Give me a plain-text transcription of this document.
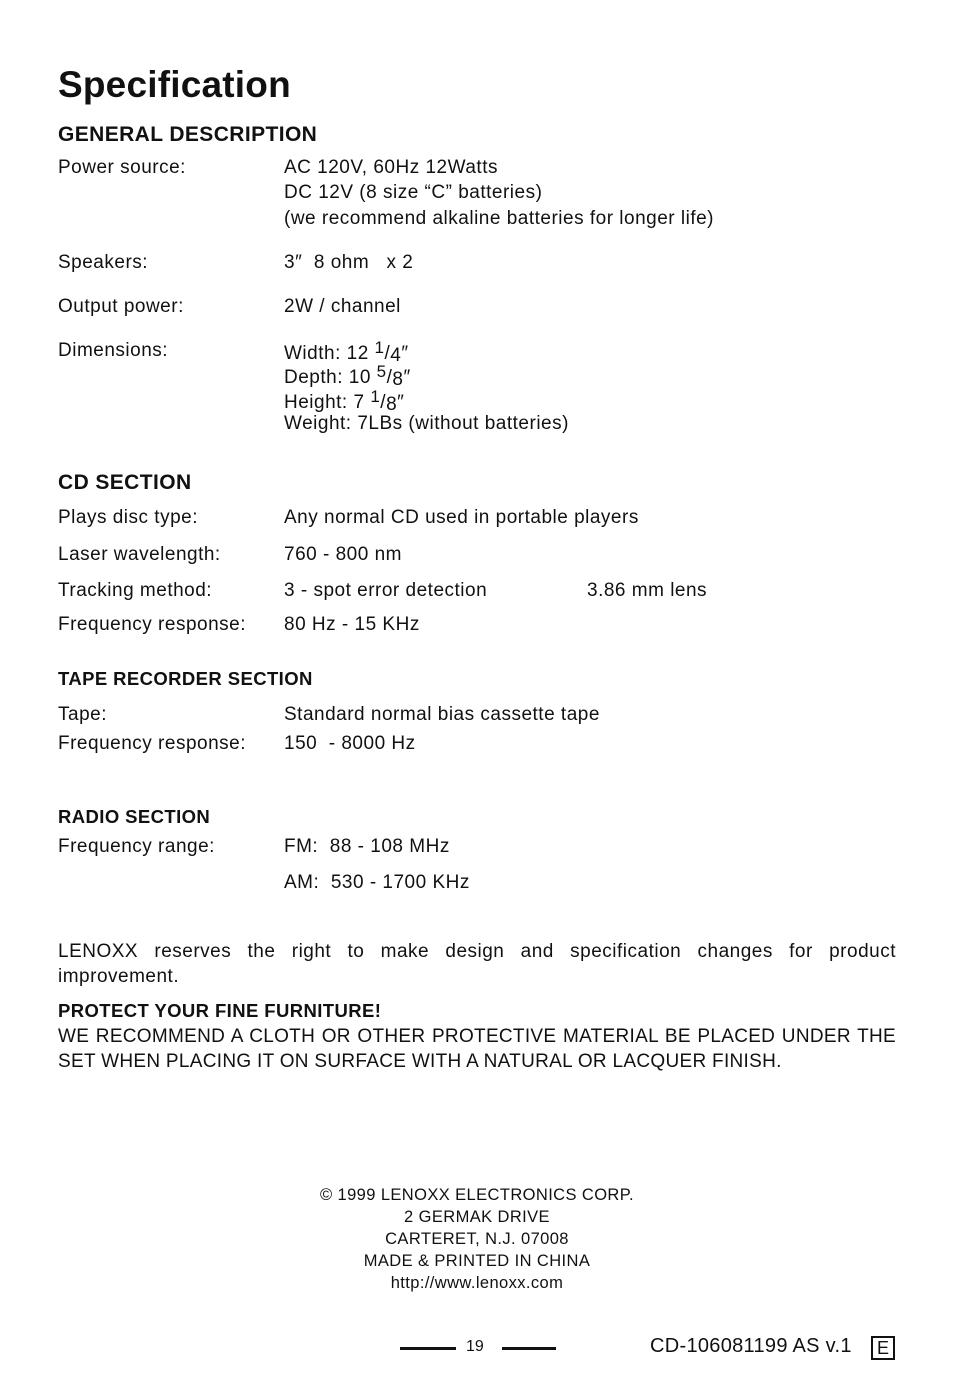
Specification
GENERAL DESCRIPTION
Power source:	AC 120V, 60Hz 12Watts
DC 12V (8 size “C” batteries)
(we recommend alkaline batteries for longer life)
Speakers:	3″  8 ohm   x 2
Output power:	2W / channel
Dimensions:	Width: 12 $^1/_4''$
Depth: 10 $^5/_8''$
Height: 7 $^1/_8''$
Weight: 7LBs (without batteries)
CD SECTION
Plays disc type:	Any normal CD used in portable players
Laser wavelength:	760 - 800 nm
Tracking method:	3 - spot error detection	3.86 mm lens
Frequency response: 80 Hz - 15 KHz
TAPE RECORDER SECTION
Tape:	Standard normal bias cassette tape
Frequency response: 150  - 8000 Hz
RADIO SECTION
Frequency range:	FM:  88 - 108 MHz
AM:  530 - 1700 KHz
LENOXX reserves the right to make design and specification changes for product improvement.
PROTECT YOUR FINE FURNITURE!
WE RECOMMEND A CLOTH OR OTHER PROTECTIVE MATERIAL BE PLACED UNDER THE SET WHEN PLACING IT ON SURFACE WITH A NATURAL OR LACQUER FINISH.
© 1999 LENOXX ELECTRONICS CORP.
2 GERMAK DRIVE
CARTERET, N.J. 07008
MADE & PRINTED IN CHINA
http://www.lenoxx.com
19	CD-106081199 AS v.1	E
